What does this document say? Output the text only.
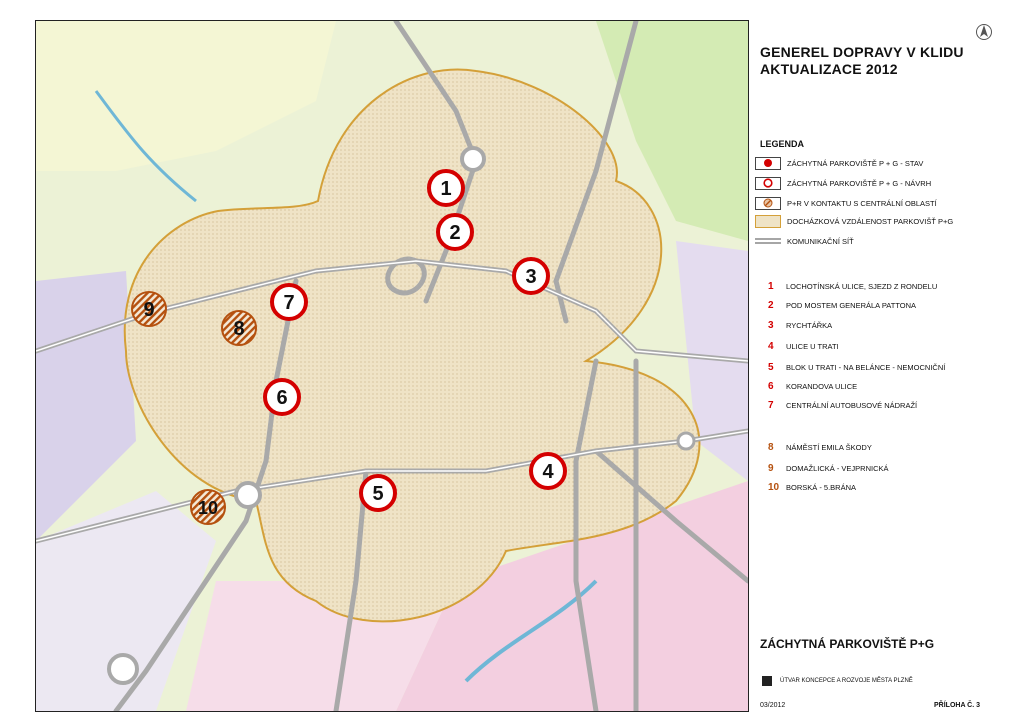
1
2
3
4
5
6
7
8
9
10
GENEREL DOPRAVY V KLIDU
AKTUALIZACE 2012
LEGENDA
ZÁCHYTNÁ PARKOVIŠTĚ P + G - STAV
ZÁCHYTNÁ PARKOVIŠTĚ P + G - NÁVRH
P+R V KONTAKTU S CENTRÁLNÍ OBLASTÍ
DOCHÁZKOVÁ VZDÁLENOST PARKOVIŠŤ P+G
KOMUNIKAČNÍ SÍŤ
1	LOCHOTÍNSKÁ ULICE, SJEZD Z RONDELU
2	POD MOSTEM GENERÁLA PATTONA
3	RYCHTÁŘKA
4	ULICE U TRATI
5	BLOK U TRATI - NA BELÁNCE - NEMOCNIČNÍ
6	KORANDOVA ULICE
7	CENTRÁLNÍ AUTOBUSOVÉ NÁDRAŽÍ
8	NÁMĚSTÍ EMILA ŠKODY
9	DOMAŽLICKÁ - VEJPRNICKÁ
10 BORSKÁ - 5.BRÁNA
ZÁCHYTNÁ PARKOVIŠTĚ P+G
ÚTVAR KONCEPCE A ROZVOJE MĚSTA PLZNĚ
03/2012	PŘÍLOHA Č. 3
